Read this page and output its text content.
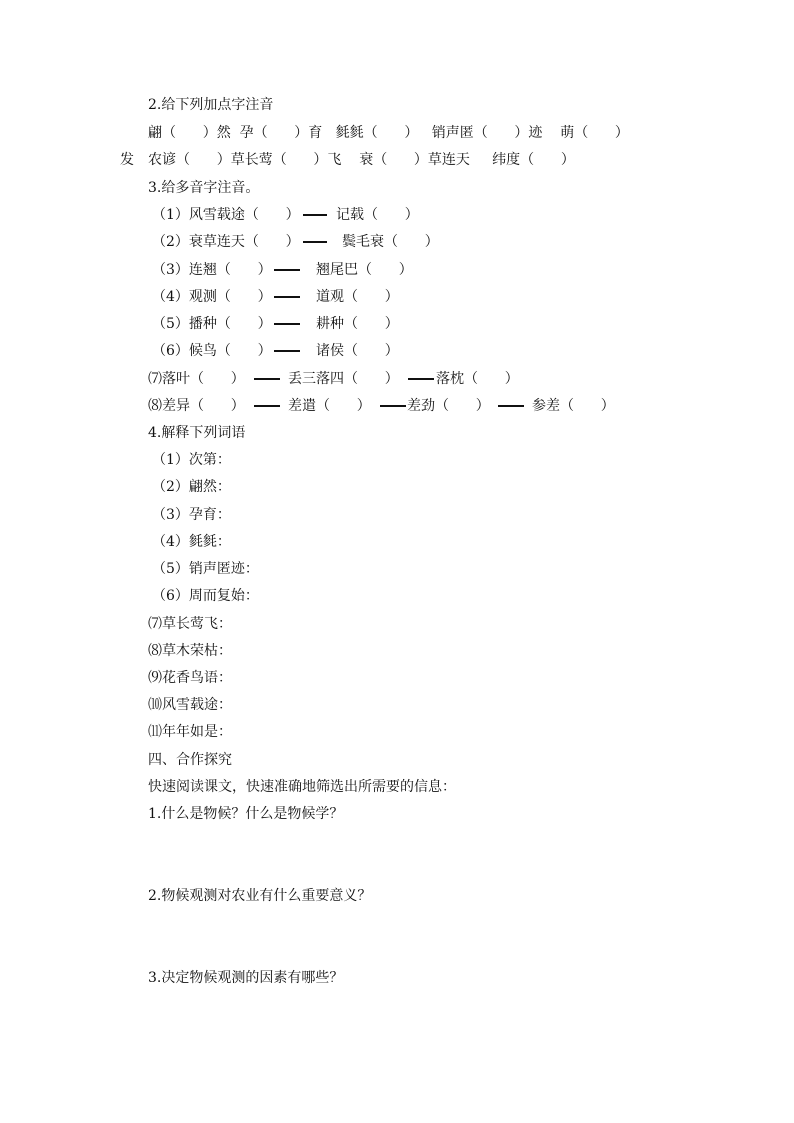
2.给下列加点字注音
翩（      ）然  孕（      ）育   毵毵（      ）   销声匿（      ）迹    萌（      ）
发 农谚（      ）草长莺（      ）飞    衰（      ）草连天     纬度（      ）
3.给多音字注音。
（1）风雪载途（      ）	记载（      ）
（2）衰草连天（      ）	鬓毛衰（      ）
（3）连翘（      ）	翘尾巴（      ）
（4）观测（      ）	道观（      ）
（5）播种（      ）	耕种（      ）
（6）候鸟（      ）	诸侯（      ）
⑺落叶（      ）	丢三落四（      ）	落枕（      ）
⑻差异（      ）	差遣（      ）	差劲（      ）	参差（      ）
4.解释下列词语
（1）次第：
（2）翩然：
（3）孕育：
（4）毵毵：
（5）销声匿迹：
（6）周而复始：
⑺草长莺飞：
⑻草木荣枯：
⑼花香鸟语：
⑽风雪载途：
⑾年年如是：
四、合作探究
快速阅读课文，快速准确地筛选出所需要的信息：
1.什么是物候？什么是物候学？
2.物候观测对农业有什么重要意义？
3.决定物候观测的因素有哪些？
